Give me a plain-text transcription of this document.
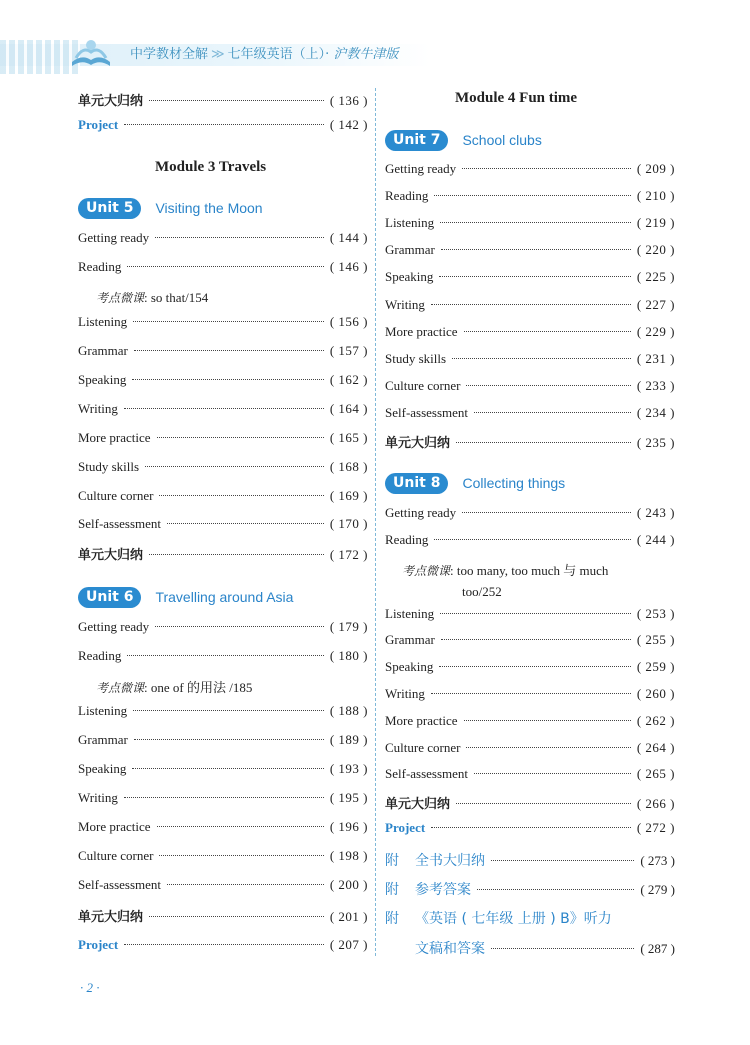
中学教材全解 ≫ 七年级英语（上）· 沪教牛津版
单元大归纳	( 136 )
Project	( 142 )
Module 3 Travels
Unit 5	Visiting the Moon
考点微课: so that/154
Unit 6	Travelling around Asia
考点微课: one of 的用法 /185
Module 4 Fun time
Unit 7	School clubs
Unit 8	Collecting things
考点微课: too many, too much 与 much
too/252
附	全书大归纳	( 273 )
附	参考答案	( 279 )
附	《英语 ( 七年级 上册 ) B》听力
文稿和答案	( 287 )
· 2 ·
Getting ready	( 144 )
Reading	( 146 )
Listening	( 156 )
Grammar	( 157 )
Speaking	( 162 )
Writing	( 164 )
More practice	( 165 )
Study skills	( 168 )
Culture corner	( 169 )
Self-assessment	( 170 )
单元大归纳	( 172 )
Getting ready	( 179 )
Reading	( 180 )
Listening	( 188 )
Grammar	( 189 )
Speaking	( 193 )
Writing	( 195 )
More practice	( 196 )
Culture corner	( 198 )
Self-assessment	( 200 )
单元大归纳	( 201 )
Project	( 207 )
Getting ready	( 209 )
Reading	( 210 )
Listening	( 219 )
Grammar	( 220 )
Speaking	( 225 )
Writing	( 227 )
More practice	( 229 )
Study skills	( 231 )
Culture corner	( 233 )
Self-assessment	( 234 )
单元大归纳	( 235 )
Getting ready	( 243 )
Reading	( 244 )
Listening	( 253 )
Grammar	( 255 )
Speaking	( 259 )
Writing	( 260 )
More practice	( 262 )
Culture corner	( 264 )
Self-assessment	( 265 )
单元大归纳	( 266 )
Project	( 272 )
